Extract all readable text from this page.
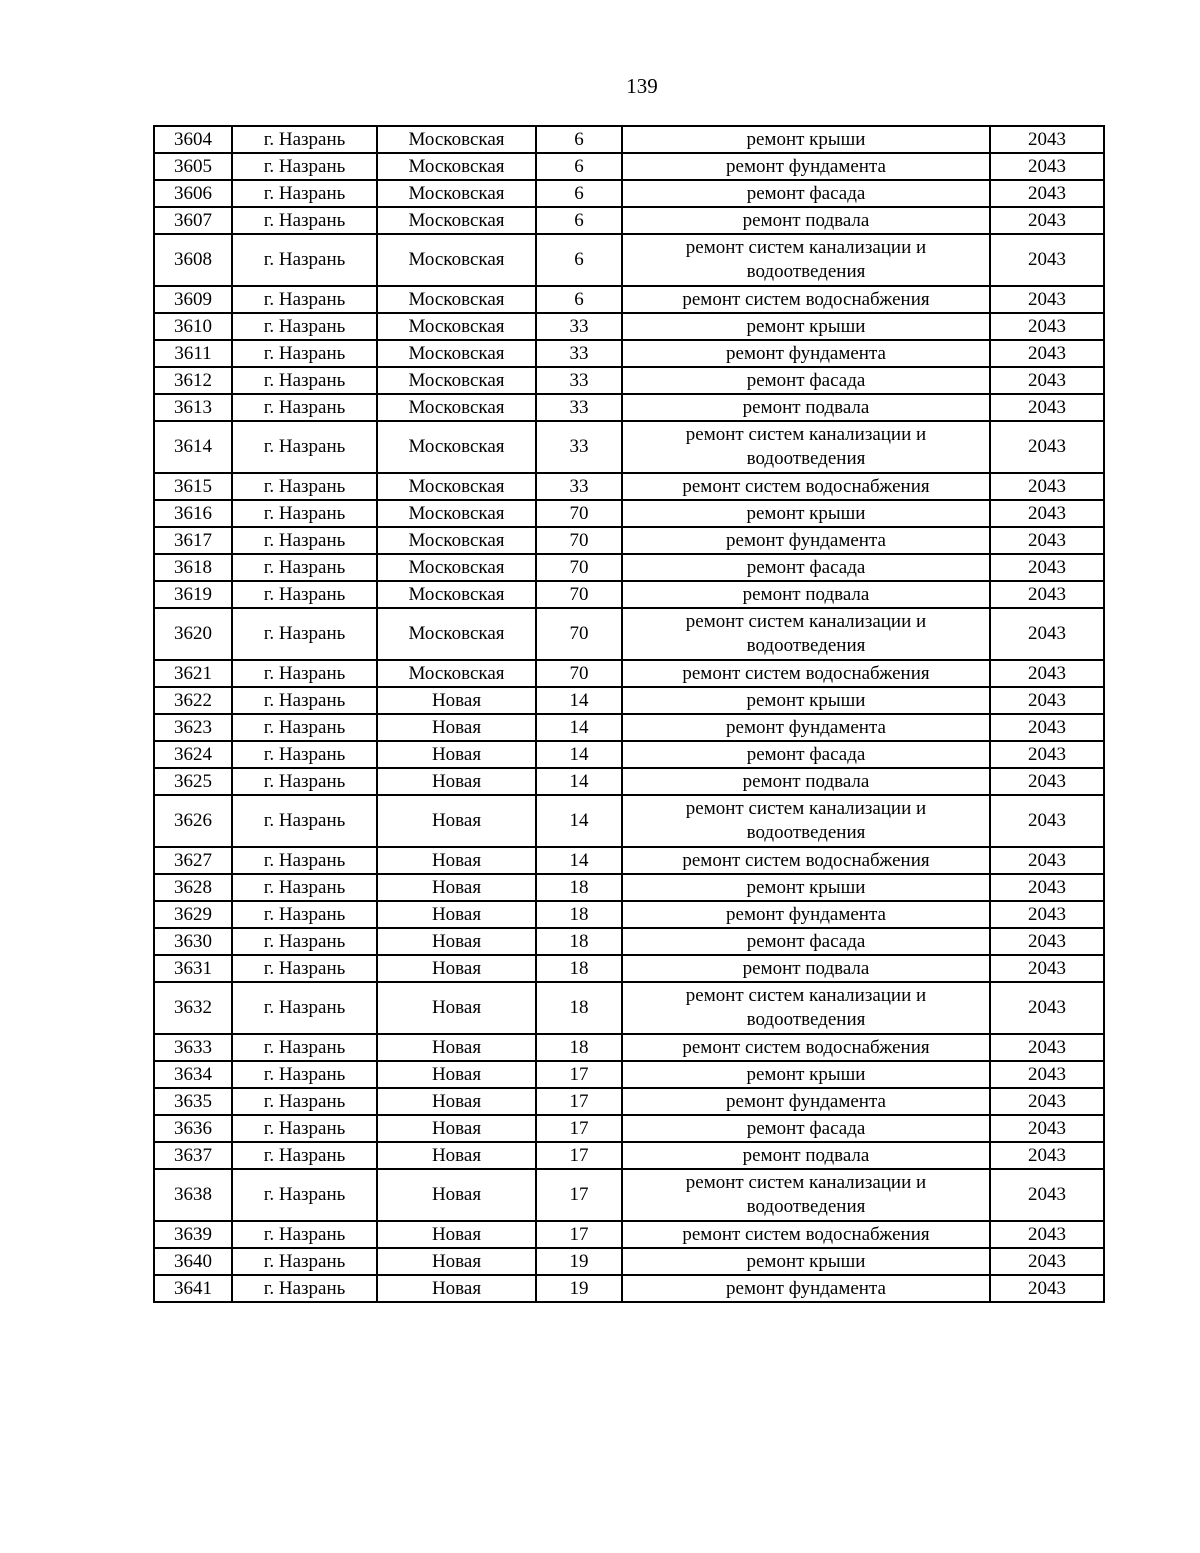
139
3604	г. Назрань	Московская	6	ремонт крыши	2043
3605	г. Назрань	Московская	6	ремонт фундамента	2043
3606	г. Назрань	Московская	6	ремонт фасада	2043
3607	г. Назрань	Московская	6	ремонт подвала	2043
3608	г. Назрань	Московская	6	ремонт систем канализации и водоотведения	2043
3609	г. Назрань	Московская	6	ремонт систем водоснабжения	2043
3610	г. Назрань	Московская	33	ремонт крыши	2043
3611	г. Назрань	Московская	33	ремонт фундамента	2043
3612	г. Назрань	Московская	33	ремонт фасада	2043
3613	г. Назрань	Московская	33	ремонт подвала	2043
3614	г. Назрань	Московская	33	ремонт систем канализации и водоотведения	2043
3615	г. Назрань	Московская	33	ремонт систем водоснабжения	2043
3616	г. Назрань	Московская	70	ремонт крыши	2043
3617	г. Назрань	Московская	70	ремонт фундамента	2043
3618	г. Назрань	Московская	70	ремонт фасада	2043
3619	г. Назрань	Московская	70	ремонт подвала	2043
3620	г. Назрань	Московская	70	ремонт систем канализации и водоотведения	2043
3621	г. Назрань	Московская	70	ремонт систем водоснабжения	2043
3622	г. Назрань	Новая	14	ремонт крыши	2043
3623	г. Назрань	Новая	14	ремонт фундамента	2043
3624	г. Назрань	Новая	14	ремонт фасада	2043
3625	г. Назрань	Новая	14	ремонт подвала	2043
3626	г. Назрань	Новая	14	ремонт систем канализации и водоотведения	2043
3627	г. Назрань	Новая	14	ремонт систем водоснабжения	2043
3628	г. Назрань	Новая	18	ремонт крыши	2043
3629	г. Назрань	Новая	18	ремонт фундамента	2043
3630	г. Назрань	Новая	18	ремонт фасада	2043
3631	г. Назрань	Новая	18	ремонт подвала	2043
3632	г. Назрань	Новая	18	ремонт систем канализации и водоотведения	2043
3633	г. Назрань	Новая	18	ремонт систем водоснабжения	2043
3634	г. Назрань	Новая	17	ремонт крыши	2043
3635	г. Назрань	Новая	17	ремонт фундамента	2043
3636	г. Назрань	Новая	17	ремонт фасада	2043
3637	г. Назрань	Новая	17	ремонт подвала	2043
3638	г. Назрань	Новая	17	ремонт систем канализации и водоотведения	2043
3639	г. Назрань	Новая	17	ремонт систем водоснабжения	2043
3640	г. Назрань	Новая	19	ремонт крыши	2043
3641	г. Назрань	Новая	19	ремонт фундамента	2043
